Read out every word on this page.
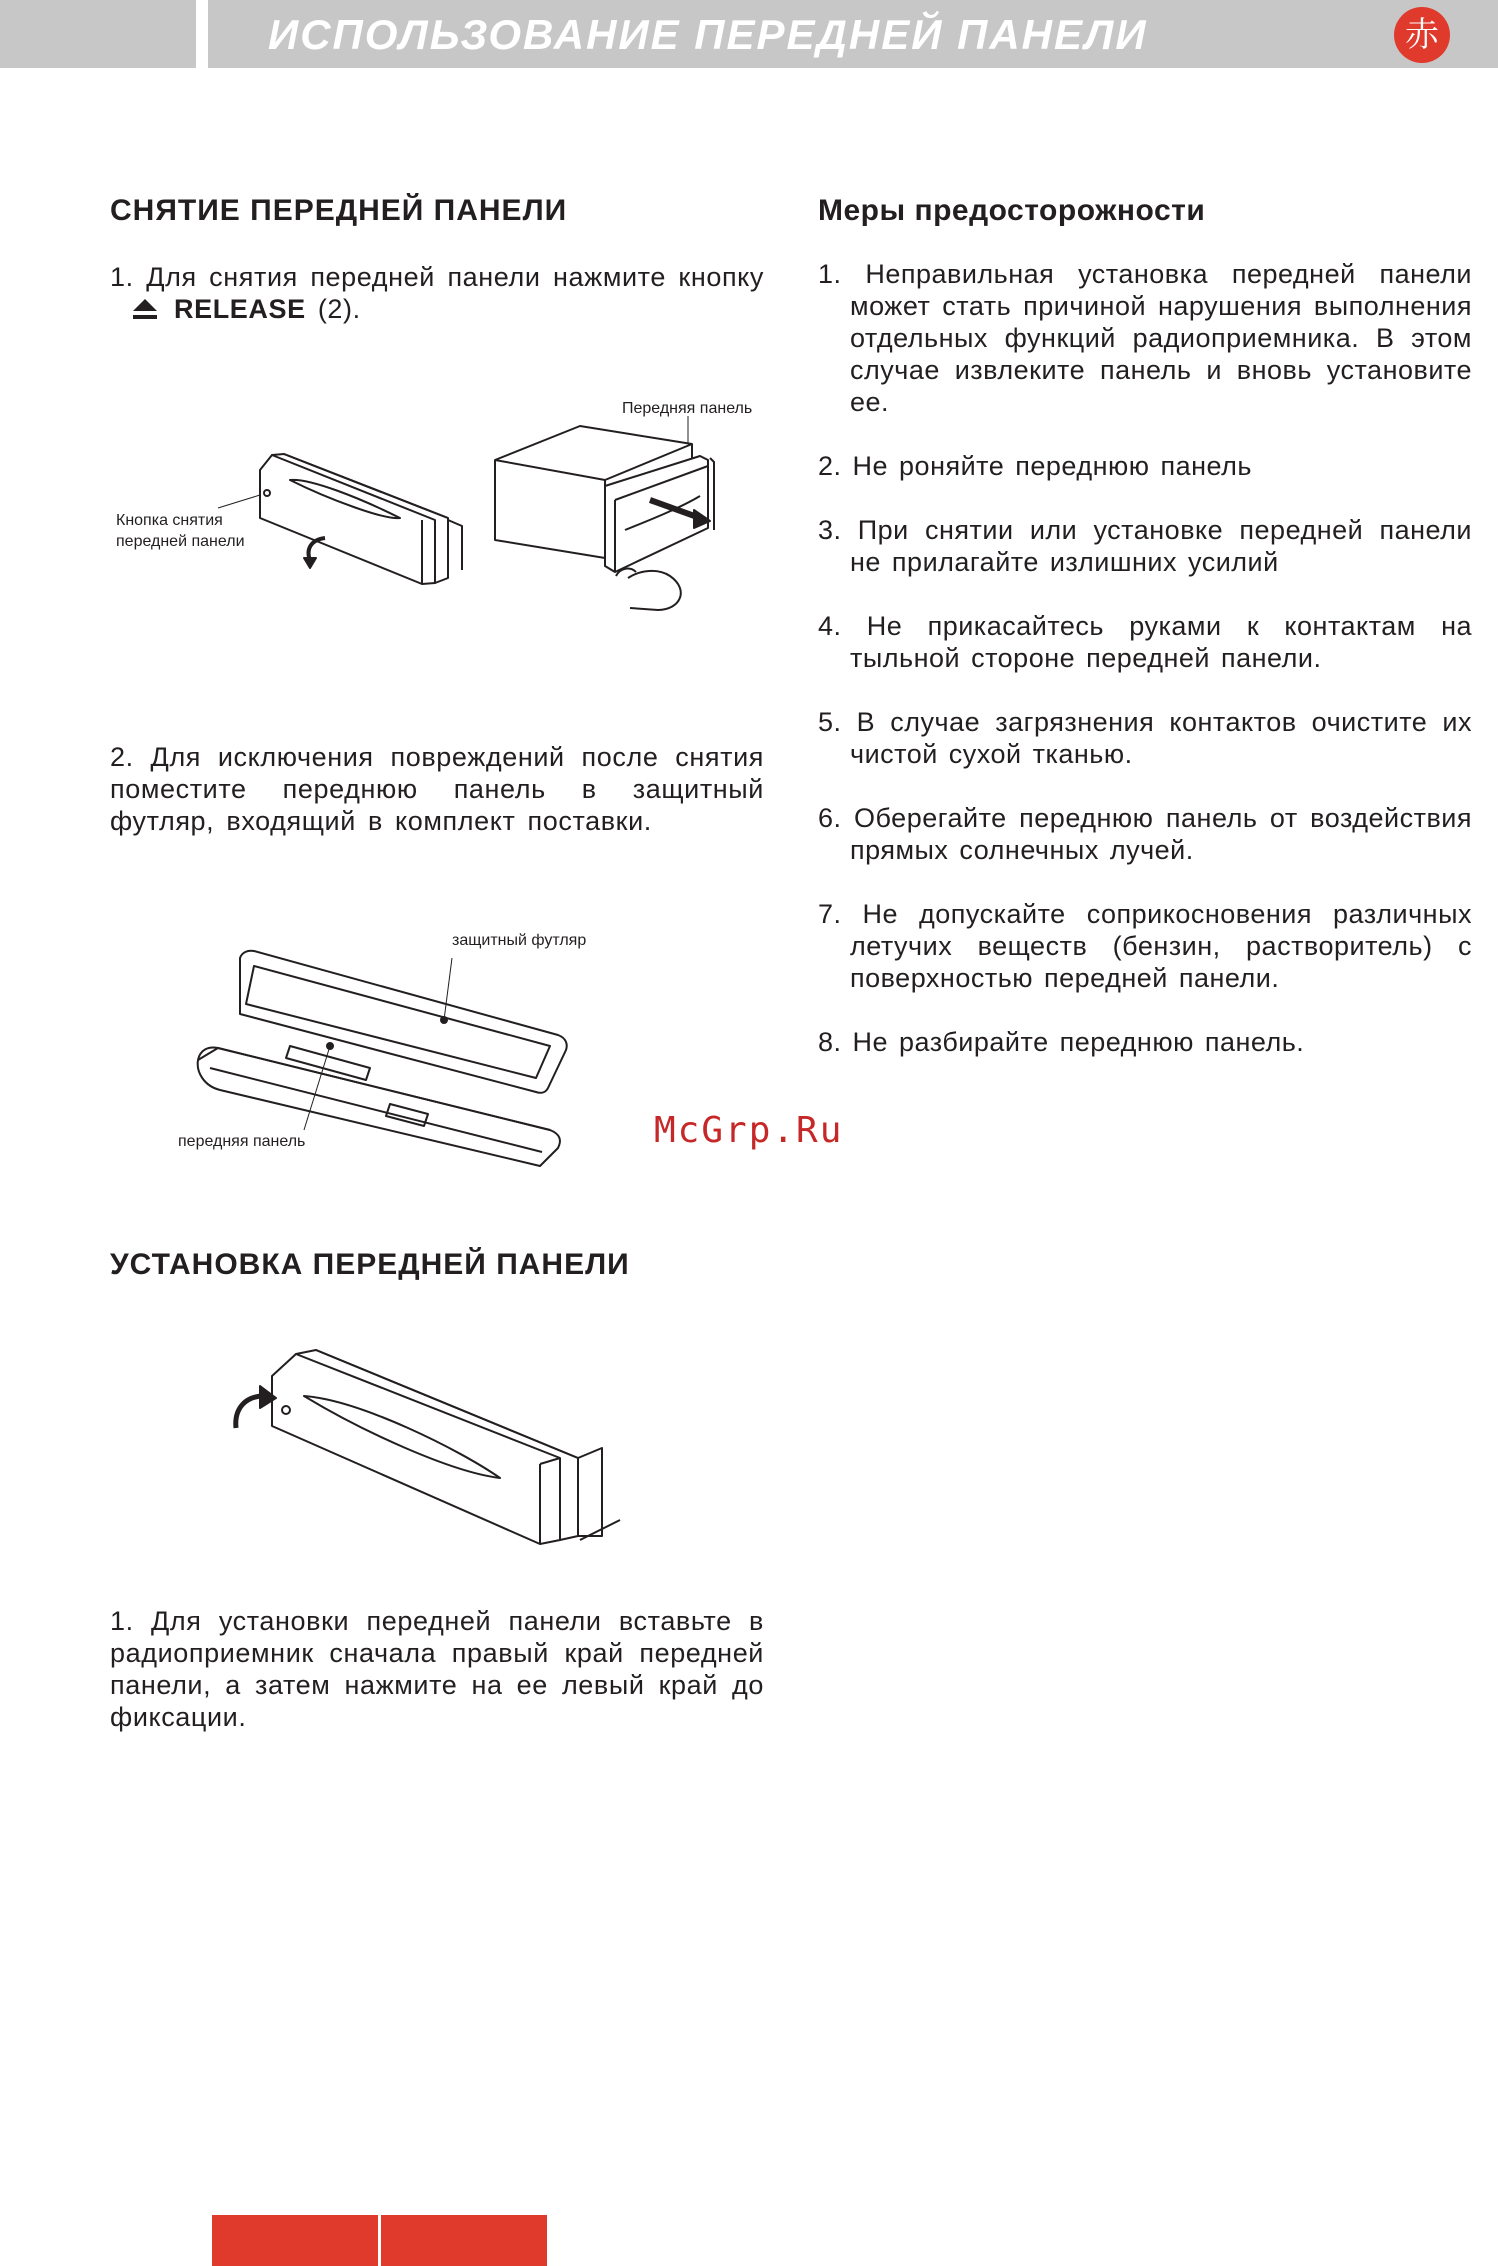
ИСПОЛЬЗОВАНИЕ ПЕРЕДНЕЙ ПАНЕЛИ	赤
СНЯТИЕ ПЕРЕДНЕЙ ПАНЕЛИ

1. Для снятия передней панели нажмите кнопкуRELEASE (2).

Кнопка снятия
передней панели
Передняя панель

2. Для исключения повреждений после снятия поместите переднюю панель в защитный футляр, входящий в комплект поставки.

защитный футляр
передняя панель
Меры предосторожности
1. Неправильная установка передней панели может стать причиной нарушения выполнения отдельных функций радиоприемника. В этом случае извлеките панель и вновь установите ее.
2. Не роняйте переднюю панель
3. При снятии или установке передней панели не прилагайте излишних усилий
4. Не прикасайтесь руками к контактам на тыльной стороне передней панели.
5. В случае загрязнения контактов очистите их чистой сухой тканью.
6. Оберегайте переднюю панель от воздействия прямых солнечных лучей.
7. Не допускайте соприкосновения различных летучих веществ (бензин, растворитель) с поверхностью передней панели.
8. Не разбирайте переднюю панель.
McGrp.Ru
УСТАНОВКА ПЕРЕДНЕЙ ПАНЕЛИ

1. Для установки передней панели вставьте в радиоприемник сначала правый край передней панели, а затем нажмите на ее левый край до фиксации.
